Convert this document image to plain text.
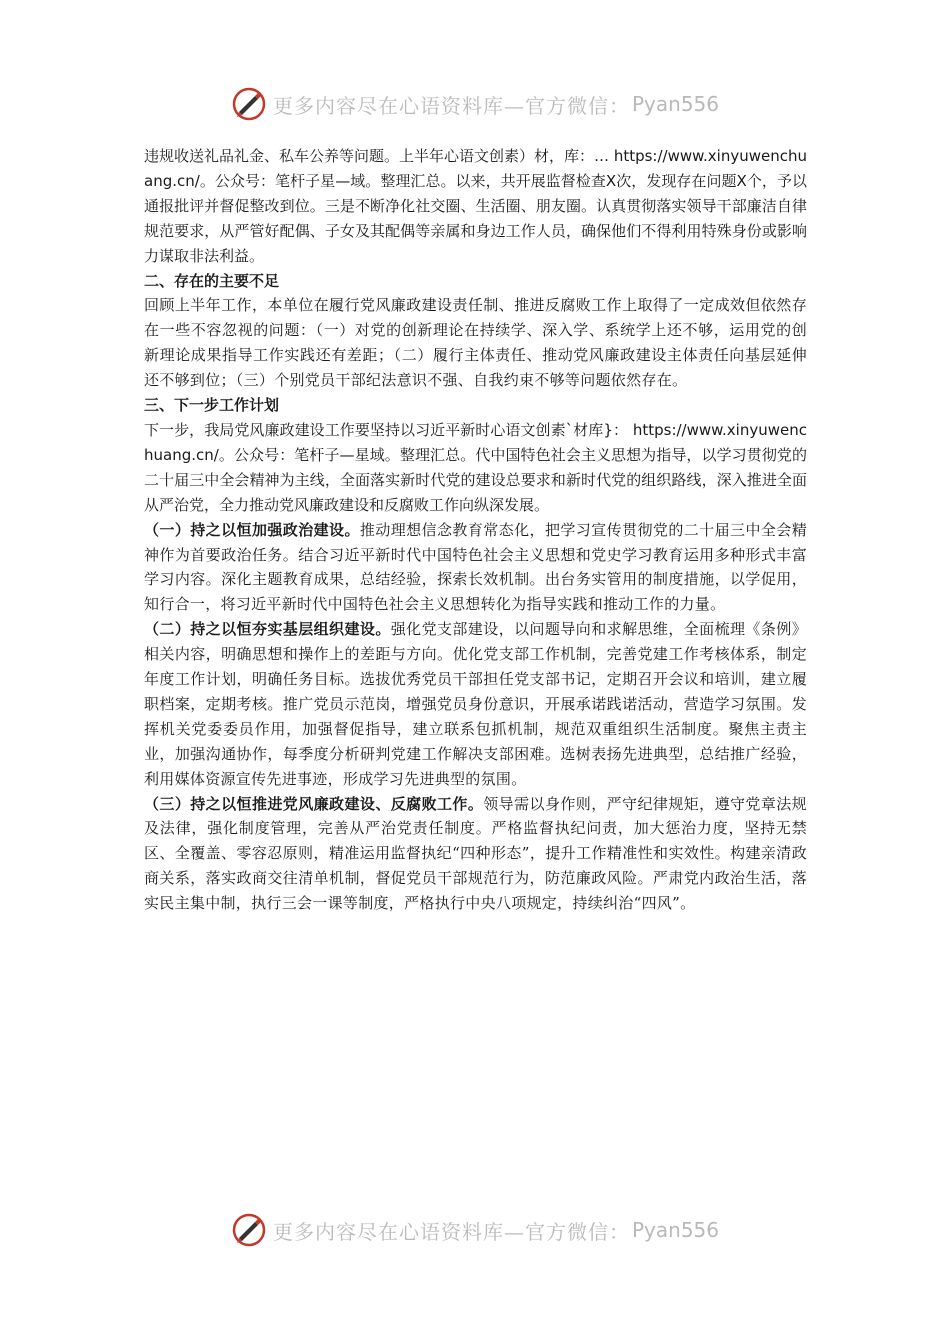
更多内容尽在心语资料库—官方微信： Pyan556

违规收送礼品礼金、私车公养等问题。上半年心语文创素）材，库：… https://www.xinyuwenchuang.cn/。公众号：笔杆子星—域。整理汇总。以来，共开展监督检查X次，发现存在问题X个，予以通报批评并督促整改到位。三是不断净化社交圈、生活圈、朋友圈。认真贯彻落实领导干部廉洁自律规范要求，从严管好配偶、子女及其配偶等亲属和身边工作人员，确保他们不得利用特殊身份或影响力谋取非法利益。

二、存在的主要不足

回顾上半年工作，本单位在履行党风廉政建设责任制、推进反腐败工作上取得了一定成效但依然存在一些不容忽视的问题：（一）对党的创新理论在持续学、深入学、系统学上还不够，运用党的创新理论成果指导工作实践还有差距；（二）履行主体责任、推动党风廉政建设主体责任向基层延伸还不够到位；（三）个别党员干部纪法意识不强、自我约束不够等问题依然存在。

三、下一步工作计划

下一步，我局党风廉政建设工作要坚持以习近平新时心语文创素`材库}： https://www.xinyuwenchuang.cn/。公众号：笔杆子—星域。整理汇总。代中国特色社会主义思想为指导，以学习贯彻党的二十届三中全会精神为主线，全面落实新时代党的建设总要求和新时代党的组织路线，深入推进全面从严治党，全力推动党风廉政建设和反腐败工作向纵深发展。

（一）持之以恒加强政治建设。推动理想信念教育常态化，把学习宣传贯彻党的二十届三中全会精神作为首要政治任务。结合习近平新时代中国特色社会主义思想和党史学习教育运用多种形式丰富学习内容。深化主题教育成果，总结经验，探索长效机制。出台务实管用的制度措施，以学促用，知行合一，将习近平新时代中国特色社会主义思想转化为指导实践和推动工作的力量。

（二）持之以恒夯实基层组织建设。强化党支部建设，以问题导向和求解思维，全面梳理《条例》相关内容，明确思想和操作上的差距与方向。优化党支部工作机制，完善党建工作考核体系，制定年度工作计划，明确任务目标。选拔优秀党员干部担任党支部书记，定期召开会议和培训，建立履职档案，定期考核。推广党员示范岗，增强党员身份意识，开展承诺践诺活动，营造学习氛围。发挥机关党委委员作用，加强督促指导，建立联系包抓机制，规范双重组织生活制度。聚焦主责主业，加强沟通协作，每季度分析研判党建工作解决支部困难。选树表扬先进典型，总结推广经验，利用媒体资源宣传先进事迹，形成学习先进典型的氛围。

（三）持之以恒推进党风廉政建设、反腐败工作。领导需以身作则，严守纪律规矩，遵守党章法规及法律，强化制度管理，完善从严治党责任制度。严格监督执纪问责，加大惩治力度，坚持无禁区、全覆盖、零容忍原则，精准运用监督执纪“四种形态”，提升工作精准性和实效性。构建亲清政商关系，落实政商交往清单机制，督促党员干部规范行为，防范廉政风险。严肃党内政治生活，落实民主集中制，执行三会一课等制度，严格执行中央八项规定，持续纠治“四风”。

更多内容尽在心语资料库—官方微信： Pyan556
